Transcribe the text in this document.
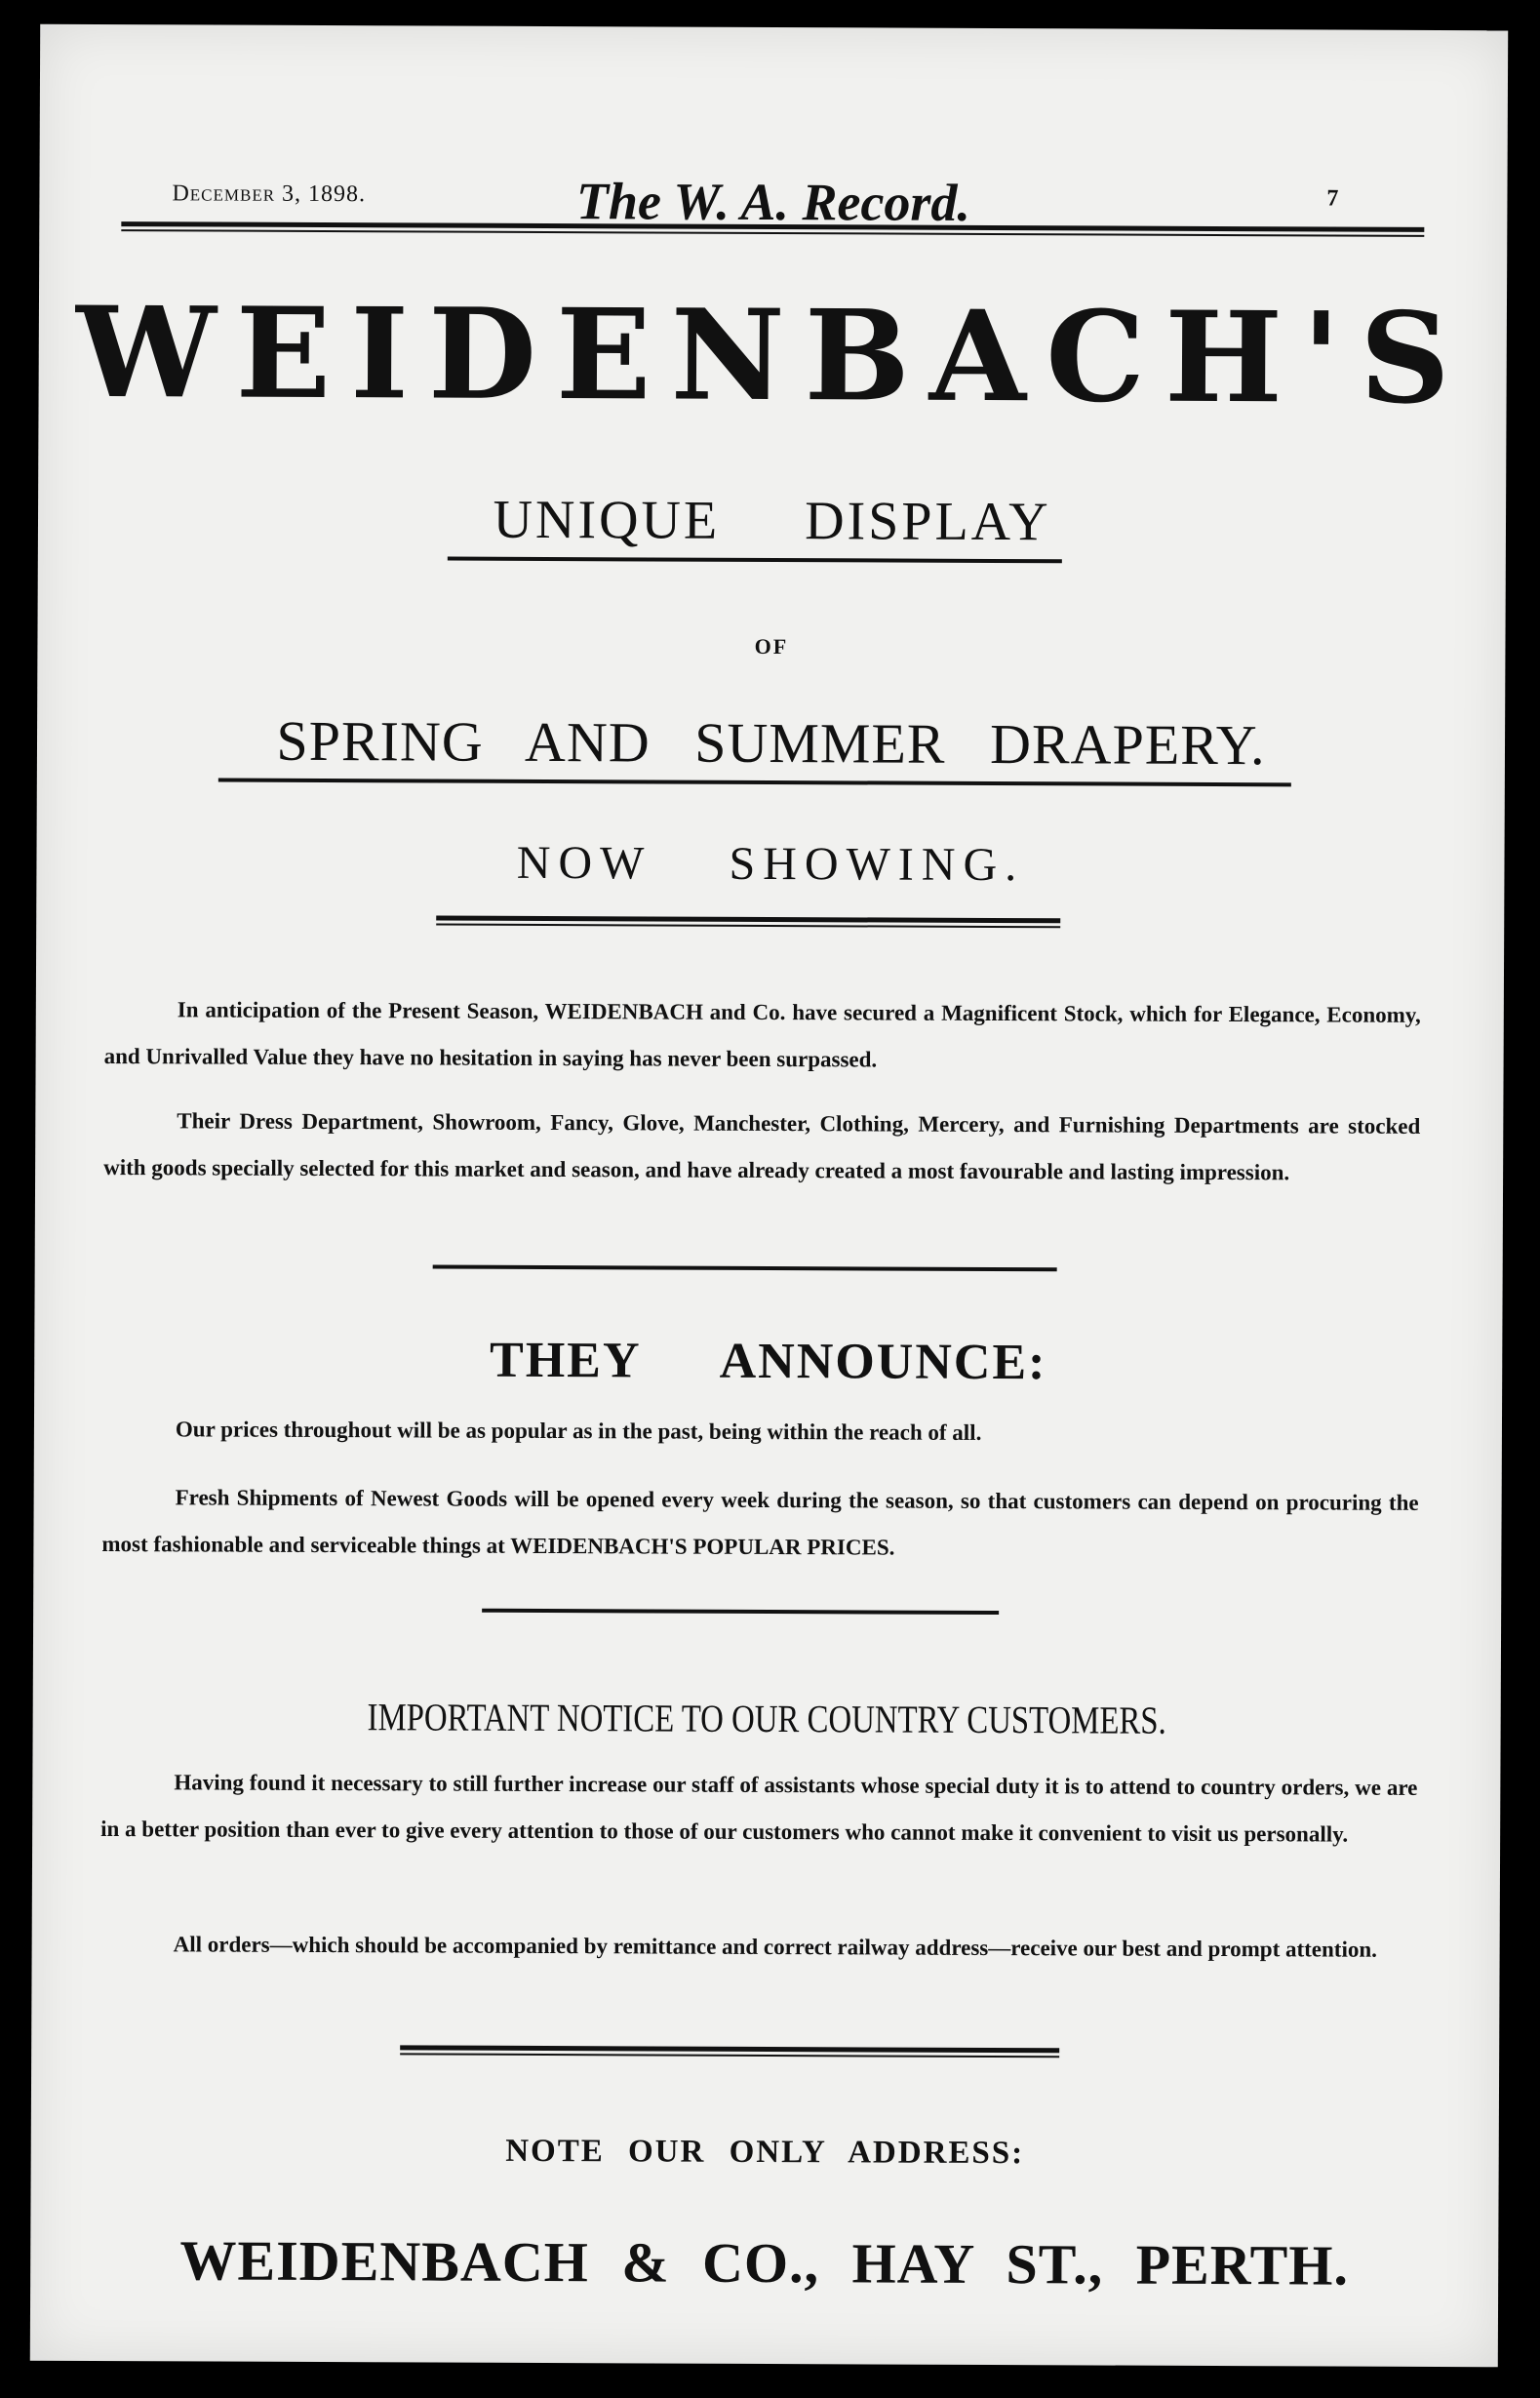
December 3, 1898.	The W. A. Record.	7
WEIDENBACH'S
UNIQUE DISPLAY
OF
SPRING AND SUMMER DRAPERY.
NOW SHOWING.
In anticipation of the Present Season, WEIDENBACH and Co. have secured a Magnificent Stock, which for Elegance, Economy, and Unrivalled Value they have no hesitation in saying has never been surpassed.
Their Dress Department, Showroom, Fancy, Glove, Manchester, Clothing, Mercery, and Furnishing Departments are stocked with goods specially selected for this market and season, and have already created a most favourable and lasting impression.
THEY ANNOUNCE:
Our prices throughout will be as popular as in the past, being within the reach of all.
Fresh Shipments of Newest Goods will be opened every week during the season, so that customers can depend on procuring the most fashionable and serviceable things at WEIDENBACH'S POPULAR PRICES.
IMPORTANT NOTICE TO OUR COUNTRY CUSTOMERS.
Having found it necessary to still further increase our staff of assistants whose special duty it is to attend to country orders, we are in a better position than ever to give every attention to those of our customers who cannot make it convenient to visit us personally.
All orders—which should be accompanied by remittance and correct railway address—receive our best and prompt attention.
NOTE OUR ONLY ADDRESS:
WEIDENBACH & CO., HAY ST., PERTH.
